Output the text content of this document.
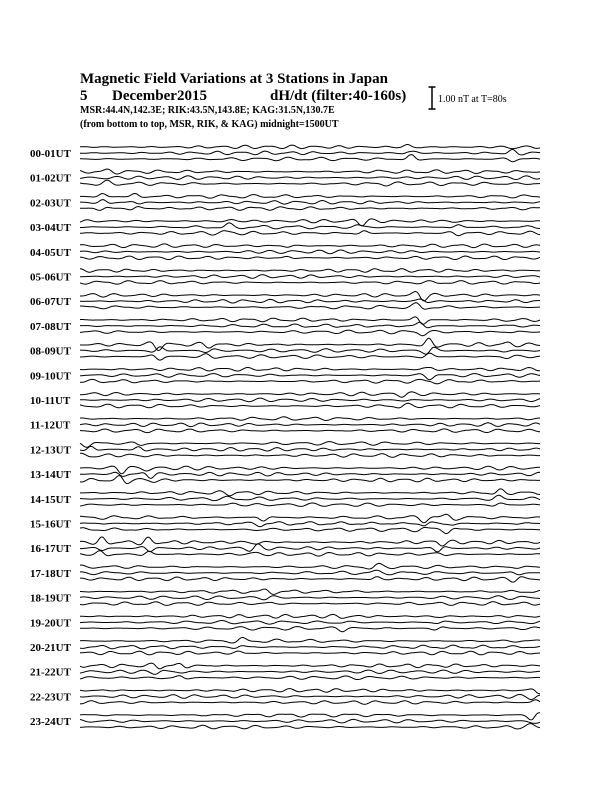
Magnetic Field Variations at 3 Stations in Japan
5 December2015	dH/dt (filter:40-160s)
MSR:44.4N,142.3E; RIK:43.5N,143.8E; KAG:31.5N,130.7E
(from bottom to top, MSR, RIK, & KAG) midnight=1500UT
1.00 nT at T=80s
00-01UT
01-02UT
02-03UT
03-04UT
04-05UT
05-06UT
06-07UT
07-08UT
08-09UT
09-10UT
10-11UT
11-12UT
12-13UT
13-14UT
14-15UT
15-16UT
16-17UT
17-18UT
18-19UT
19-20UT
20-21UT
21-22UT
22-23UT
23-24UT
